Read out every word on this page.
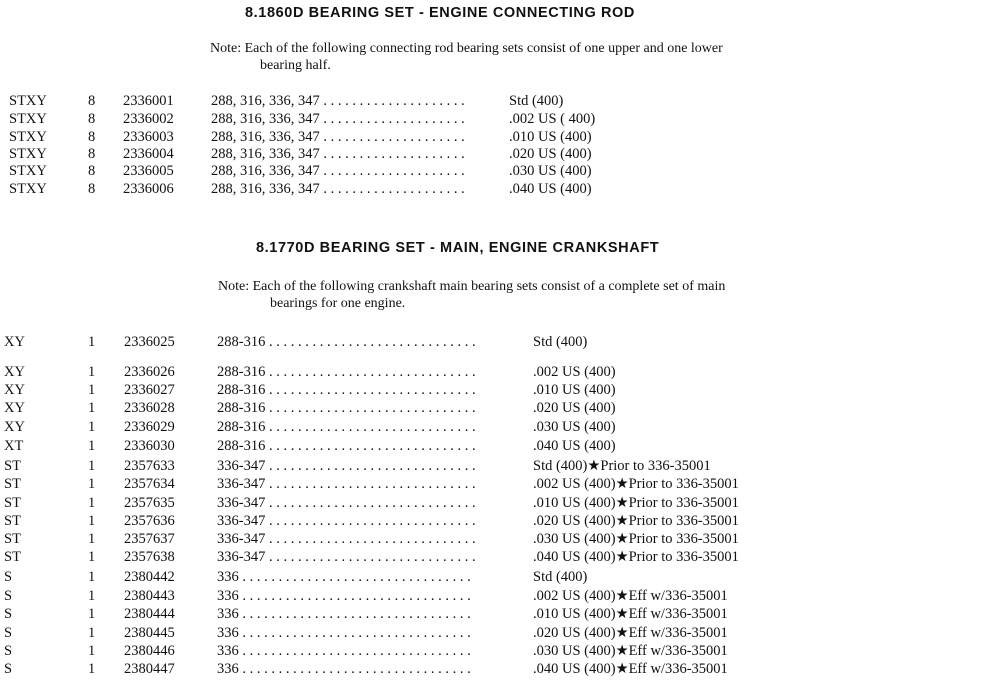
8.1860D BEARING SET - ENGINE CONNECTING ROD
Note: Each of the following connecting rod bearing sets consist of one upper and one lower
bearing half.
STXY	8 2336001	288, 316, 336, 347 . . . . . . . . . . . . . . . . . . . .	Std (400)
STXY	8 2336002	288, 316, 336, 347 . . . . . . . . . . . . . . . . . . . .	.002 US ( 400)
STXY	8 2336003	288, 316, 336, 347 . . . . . . . . . . . . . . . . . . . .	.010 US (400)
STXY	8 2336004	288, 316, 336, 347 . . . . . . . . . . . . . . . . . . . .	.020 US (400)
STXY	8 2336005	288, 316, 336, 347 . . . . . . . . . . . . . . . . . . . .	.030 US (400)
STXY	8 2336006	288, 316, 336, 347 . . . . . . . . . . . . . . . . . . . .	.040 US (400)
8.1770D BEARING SET - MAIN, ENGINE CRANKSHAFT
Note: Each of the following crankshaft main bearing sets consist of a complete set of main
bearings for one engine.
XY	1 2336025	288-316 . . . . . . . . . . . . . . . . . . . . . . . . . . . . .	Std (400)
XY	1 2336026	288-316 . . . . . . . . . . . . . . . . . . . . . . . . . . . . .	.002 US (400)
XY	1 2336027	288-316 . . . . . . . . . . . . . . . . . . . . . . . . . . . . .	.010 US (400)
XY	1 2336028	288-316 . . . . . . . . . . . . . . . . . . . . . . . . . . . . .	.020 US (400)
XY	1 2336029	288-316 . . . . . . . . . . . . . . . . . . . . . . . . . . . . .	.030 US (400)
XT	1 2336030	288-316 . . . . . . . . . . . . . . . . . . . . . . . . . . . . .	.040 US (400)
ST	1 2357633	336-347 . . . . . . . . . . . . . . . . . . . . . . . . . . . . .	Std (400)★Prior to 336-35001
ST	1 2357634	336-347 . . . . . . . . . . . . . . . . . . . . . . . . . . . . .	.002 US (400)★Prior to 336-35001
ST	1 2357635	336-347 . . . . . . . . . . . . . . . . . . . . . . . . . . . . .	.010 US (400)★Prior to 336-35001
ST	1 2357636	336-347 . . . . . . . . . . . . . . . . . . . . . . . . . . . . .	.020 US (400)★Prior to 336-35001
ST	1 2357637	336-347 . . . . . . . . . . . . . . . . . . . . . . . . . . . . .	.030 US (400)★Prior to 336-35001
ST	1 2357638	336-347 . . . . . . . . . . . . . . . . . . . . . . . . . . . . .	.040 US (400)★Prior to 336-35001
S	1 2380442	336 . . . . . . . . . . . . . . . . . . . . . . . . . . . . . . . .	Std (400)
S	1 2380443	336 . . . . . . . . . . . . . . . . . . . . . . . . . . . . . . . .	.002 US (400)★Eff w/336-35001
S	1 2380444	336 . . . . . . . . . . . . . . . . . . . . . . . . . . . . . . . .	.010 US (400)★Eff w/336-35001
S	1 2380445	336 . . . . . . . . . . . . . . . . . . . . . . . . . . . . . . . .	.020 US (400)★Eff w/336-35001
S	1 2380446	336 . . . . . . . . . . . . . . . . . . . . . . . . . . . . . . . .	.030 US (400)★Eff w/336-35001
S	1 2380447	336 . . . . . . . . . . . . . . . . . . . . . . . . . . . . . . . .	.040 US (400)★Eff w/336-35001
